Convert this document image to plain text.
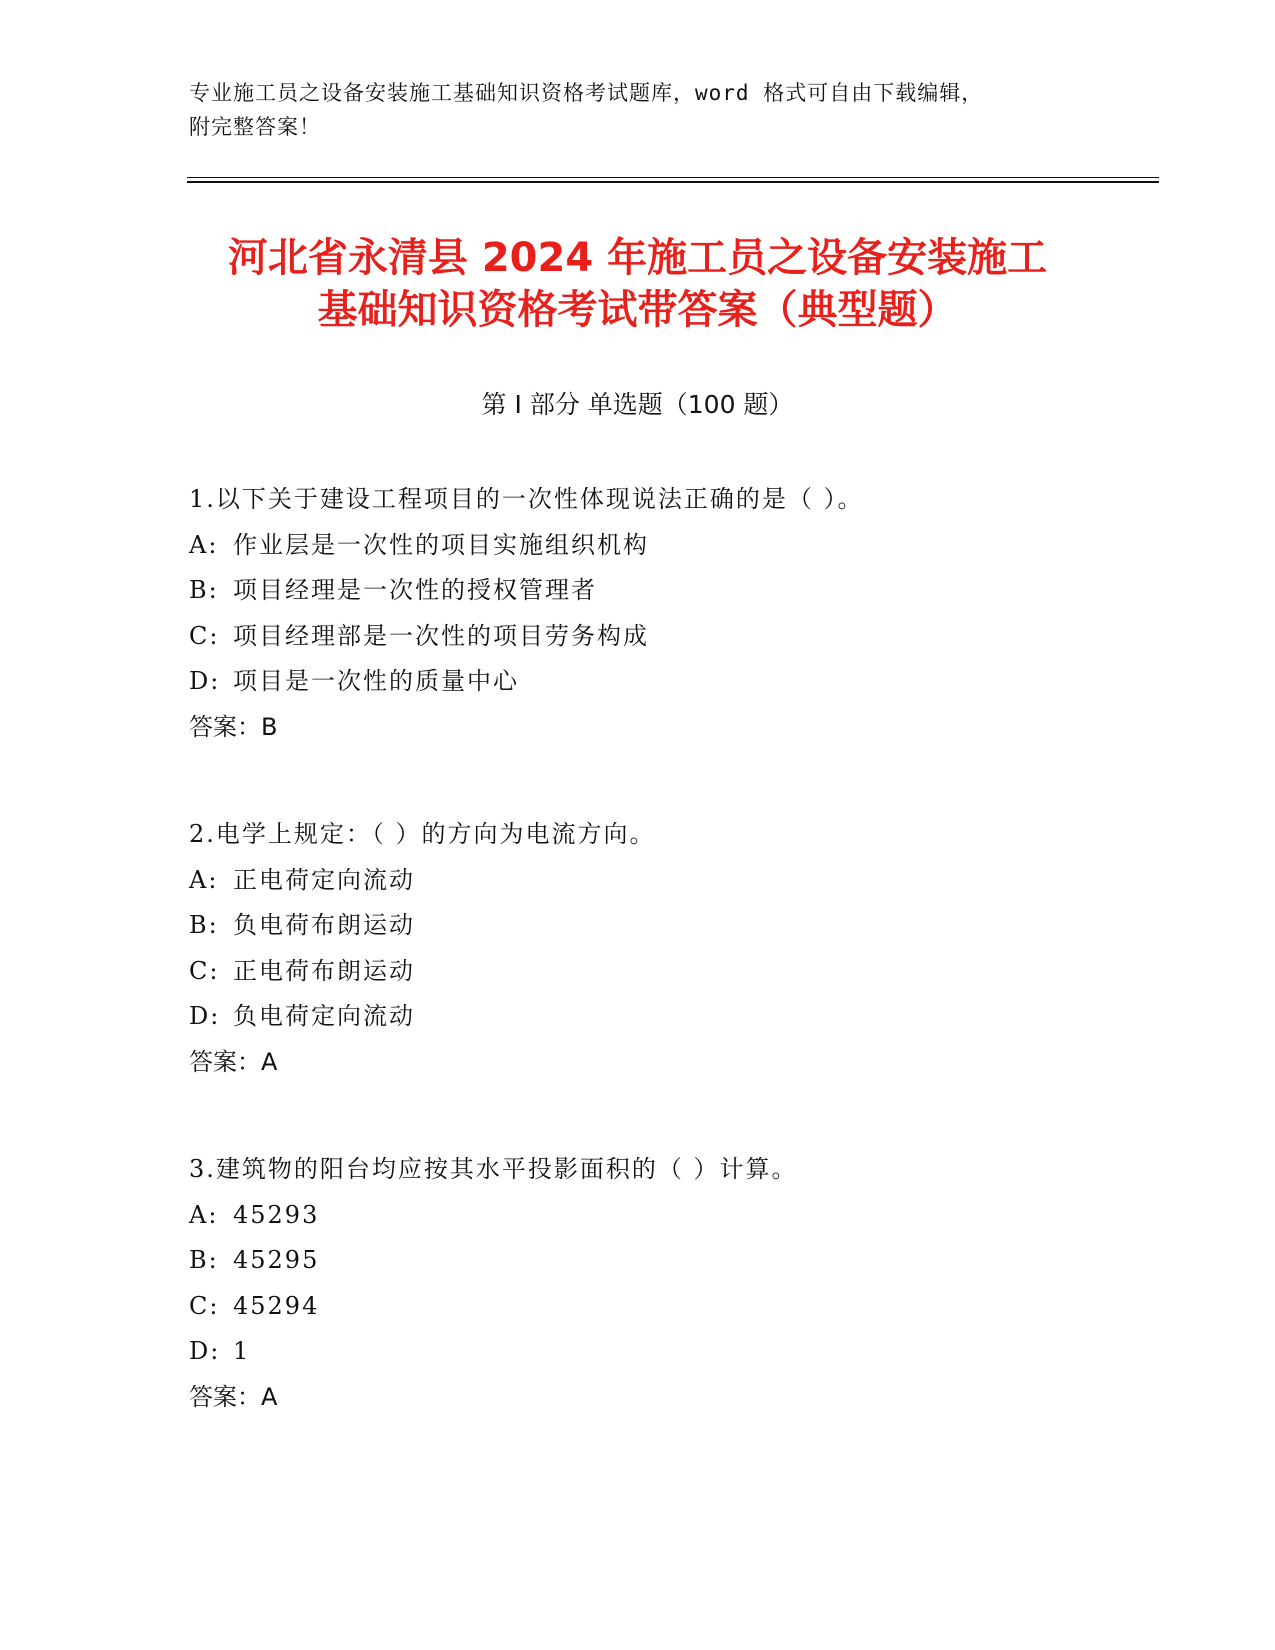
专业施工员之设备安装施工基础知识资格考试题库，word 格式可自由下载编辑，
附完整答案！
河北省永清县 2024 年施工员之设备安装施工
基础知识资格考试带答案（典型题）
第 I 部分 单选题（100 题）
1.以下关于建设工程项目的一次性体现说法正确的是（ ）。
A: 作业层是一次性的项目实施组织机构
B: 项目经理是一次性的授权管理者
C: 项目经理部是一次性的项目劳务构成
D: 项目是一次性的质量中心
答案：B
2.电学上规定：（ ）的方向为电流方向。
A: 正电荷定向流动
B: 负电荷布朗运动
C: 正电荷布朗运动
D: 负电荷定向流动
答案：A
3.建筑物的阳台均应按其水平投影面积的（ ）计算。
A: 45293
B: 45295
C: 45294
D: 1
答案：A
